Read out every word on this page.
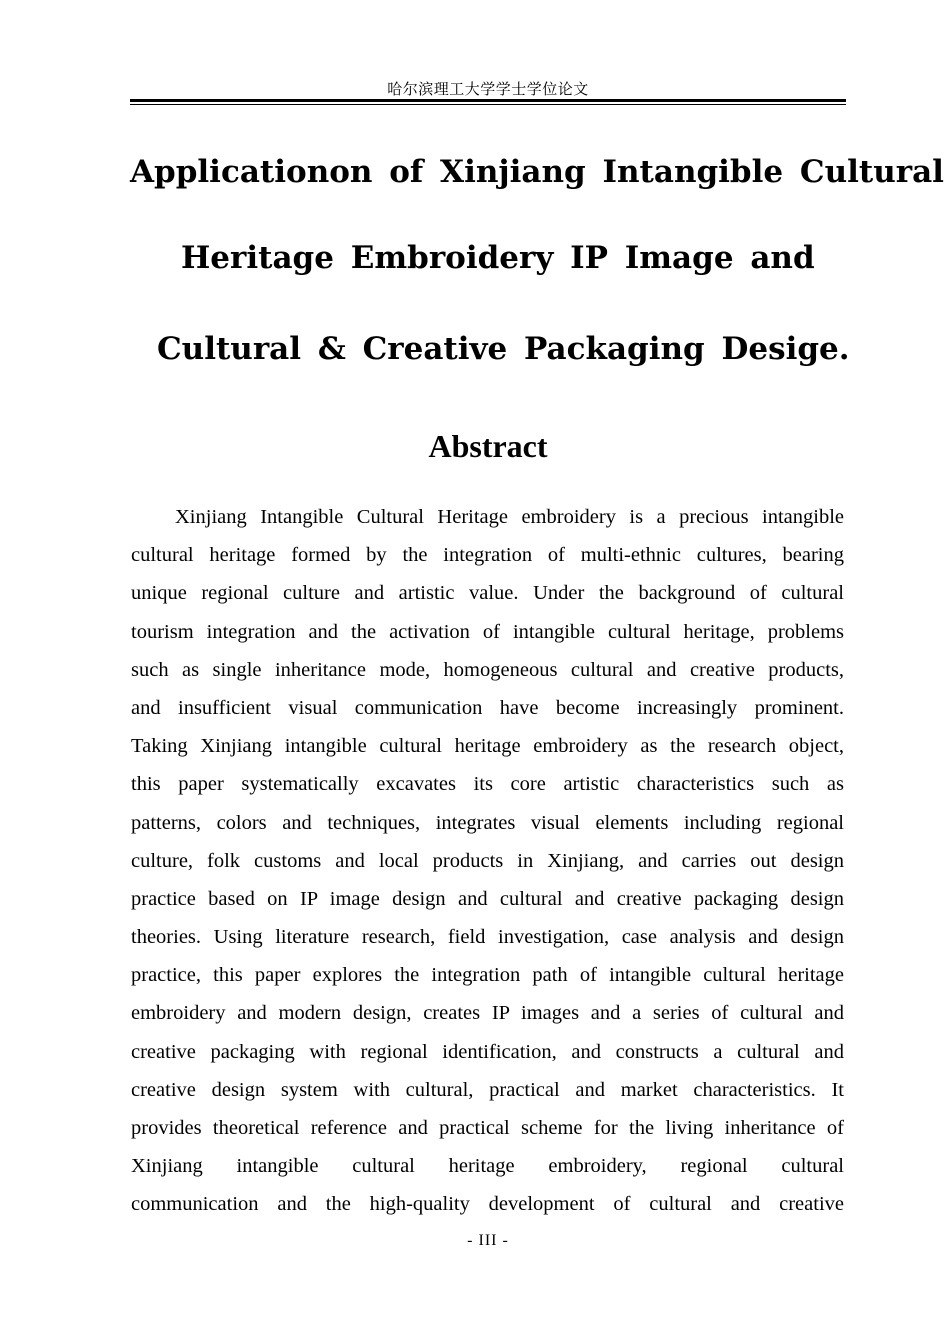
哈尔滨理工大学学士学位论文
Applicationon of Xinjiang Intangible Cultural
Heritage Embroidery IP Image and
Cultural & Creative Packaging Desige.
Abstract
Xinjiang Intangible Cultural Heritage embroidery is a precious intangible
cultural heritage formed by the integration of multi-ethnic cultures, bearing
unique regional culture and artistic value. Under the background of cultural
tourism integration and the activation of intangible cultural heritage, problems
such as single inheritance mode, homogeneous cultural and creative products,
and insufficient visual communication have become increasingly prominent.
Taking Xinjiang intangible cultural heritage embroidery as the research object,
this paper systematically excavates its core artistic characteristics such as
patterns, colors and techniques, integrates visual elements including regional
culture, folk customs and local products in Xinjiang, and carries out design
practice based on IP image design and cultural and creative packaging design
theories. Using literature research, field investigation, case analysis and design
practice, this paper explores the integration path of intangible cultural heritage
embroidery and modern design, creates IP images and a series of cultural and
creative packaging with regional identification, and constructs a cultural and
creative design system with cultural, practical and market characteristics. It
provides theoretical reference and practical scheme for the living inheritance of
Xinjiang intangible cultural heritage embroidery, regional cultural
communication and the high-quality development of cultural and creative
- III -
